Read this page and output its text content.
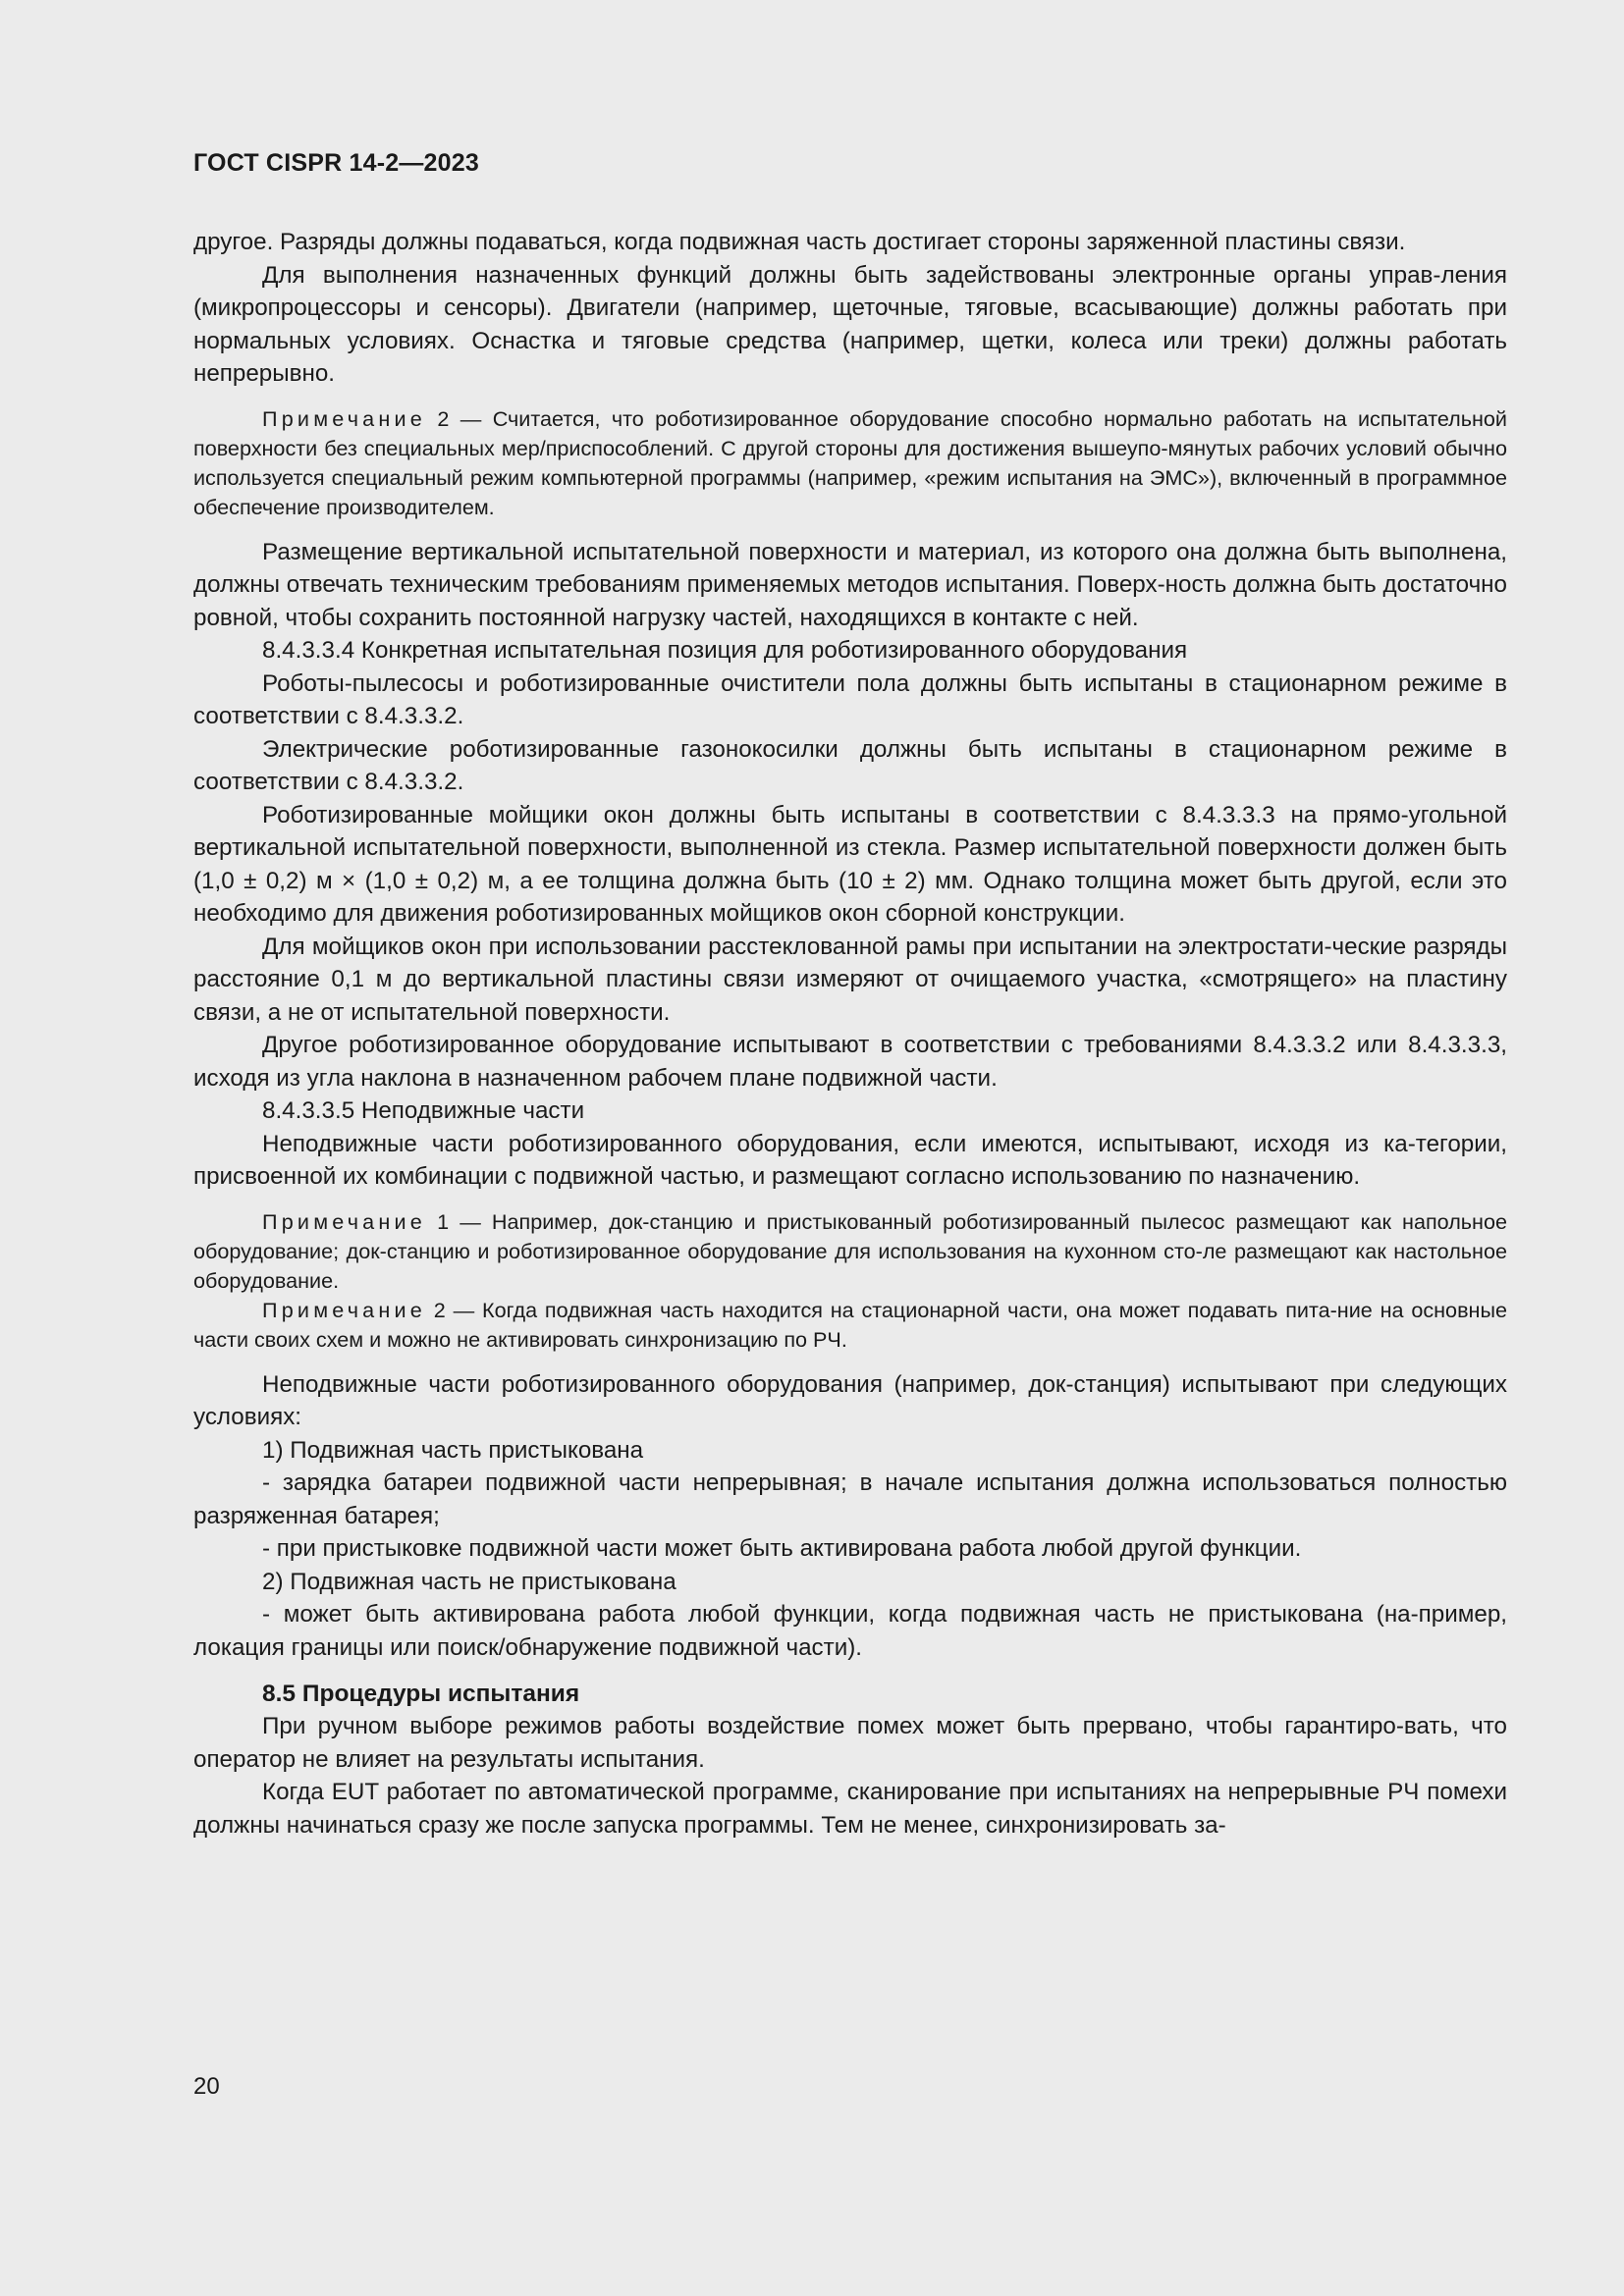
ГОСТ CISPR 14-2—2023

другое. Разряды должны подаваться, когда подвижная часть достигает стороны заряженной пластины связи.

Для выполнения назначенных функций должны быть задействованы электронные органы управ-ления (микропроцессоры и сенсоры). Двигатели (например, щеточные, тяговые, всасывающие) должны работать при нормальных условиях. Оснастка и тяговые средства (например, щетки, колеса или треки) должны работать непрерывно.

Примечание 2 — Считается, что роботизированное оборудование способно нормально работать на испытательной поверхности без специальных мер/приспособлений. С другой стороны для достижения вышеупо-мянутых рабочих условий обычно используется специальный режим компьютерной программы (например, «режим испытания на ЭМС»), включенный в программное обеспечение производителем.

Размещение вертикальной испытательной поверхности и материал, из которого она должна быть выполнена, должны отвечать техническим требованиям применяемых методов испытания. Поверх-ность должна быть достаточно ровной, чтобы сохранить постоянной нагрузку частей, находящихся в контакте с ней.

8.4.3.3.4 Конкретная испытательная позиция для роботизированного оборудования

Роботы-пылесосы и роботизированные очистители пола должны быть испытаны в стационарном режиме в соответствии с 8.4.3.3.2.

Электрические роботизированные газонокосилки должны быть испытаны в стационарном режиме в соответствии с 8.4.3.3.2.

Роботизированные мойщики окон должны быть испытаны в соответствии с 8.4.3.3.3 на прямо-угольной вертикальной испытательной поверхности, выполненной из стекла. Размер испытательной поверхности должен быть (1,0 ± 0,2) м × (1,0 ± 0,2) м, а ее толщина должна быть (10 ± 2) мм. Однако толщина может быть другой, если это необходимо для движения роботизированных мойщиков окон сборной конструкции.

Для мойщиков окон при использовании расстеклованной рамы при испытании на электростати-ческие разряды расстояние 0,1 м до вертикальной пластины связи измеряют от очищаемого участка, «смотрящего» на пластину связи, а не от испытательной поверхности.

Другое роботизированное оборудование испытывают в соответствии с требованиями 8.4.3.3.2 или 8.4.3.3.3, исходя из угла наклона в назначенном рабочем плане подвижной части.

8.4.3.3.5 Неподвижные части

Неподвижные части роботизированного оборудования, если имеются, испытывают, исходя из ка-тегории, присвоенной их комбинации с подвижной частью, и размещают согласно использованию по назначению.

Примечание 1 — Например, док-станцию и пристыкованный роботизированный пылесос размещают как напольное оборудование; док-станцию и роботизированное оборудование для использования на кухонном сто-ле размещают как настольное оборудование.

Примечание 2 — Когда подвижная часть находится на стационарной части, она может подавать пита-ние на основные части своих схем и можно не активировать синхронизацию по РЧ.

Неподвижные части роботизированного оборудования (например, док-станция) испытывают при следующих условиях:

1) Подвижная часть пристыкована

- зарядка батареи подвижной части непрерывная; в начале испытания должна использоваться полностью разряженная батарея;

- при пристыковке подвижной части может быть активирована работа любой другой функции.

2) Подвижная часть не пристыкована

- может быть активирована работа любой функции, когда подвижная часть не пристыкована (на-пример, локация границы или поиск/обнаружение подвижной части).

8.5 Процедуры испытания

При ручном выборе режимов работы воздействие помех может быть прервано, чтобы гарантиро-вать, что оператор не влияет на результаты испытания.

Когда EUT работает по автоматической программе, сканирование при испытаниях на непрерывные РЧ помехи должны начинаться сразу же после запуска программы. Тем не менее, синхронизировать за-

20
